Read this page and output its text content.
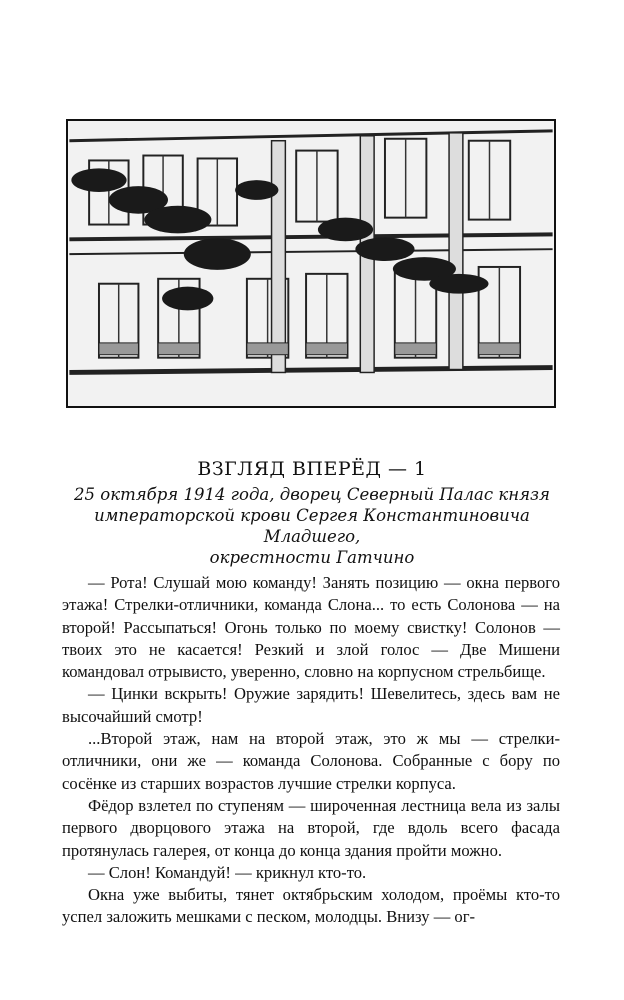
ВЗГЛЯД ВПЕРЁД — 1
25 октября 1914 года, дворец Северный Палас князя
императорской крови Сергея Константиновича Младшего,
окрестности Гатчино

— Рота! Слушай мою команду! Занять позицию — окна первого этажа! Стрелки-отличники, команда Слона... то есть Солонова — на второй! Рассыпаться! Огонь только по моему свистку! Солонов — твоих это не касается! Резкий и злой голос — Две Мишени командовал отрывисто, уверенно, словно на корпусном стрельбище.

— Цинки вскрыть! Оружие зарядить! Шевелитесь, здесь вам не высочайший смотр!

...Второй этаж, нам на второй этаж, это ж мы — стрелки-отличники, они же — команда Солонова. Собранные с бору по сосёнке из старших возрастов лучшие стрелки корпуса.

Фёдор взлетел по ступеням — широченная лестница вела из залы первого дворцового этажа на второй, где вдоль всего фасада протянулась галерея, от конца до конца здания пройти можно.

— Слон! Командуй! — крикнул кто-то.

Окна уже выбиты, тянет октябрьским холодом, проёмы кто-то успел заложить мешками с песком, молодцы. Внизу — ог-
